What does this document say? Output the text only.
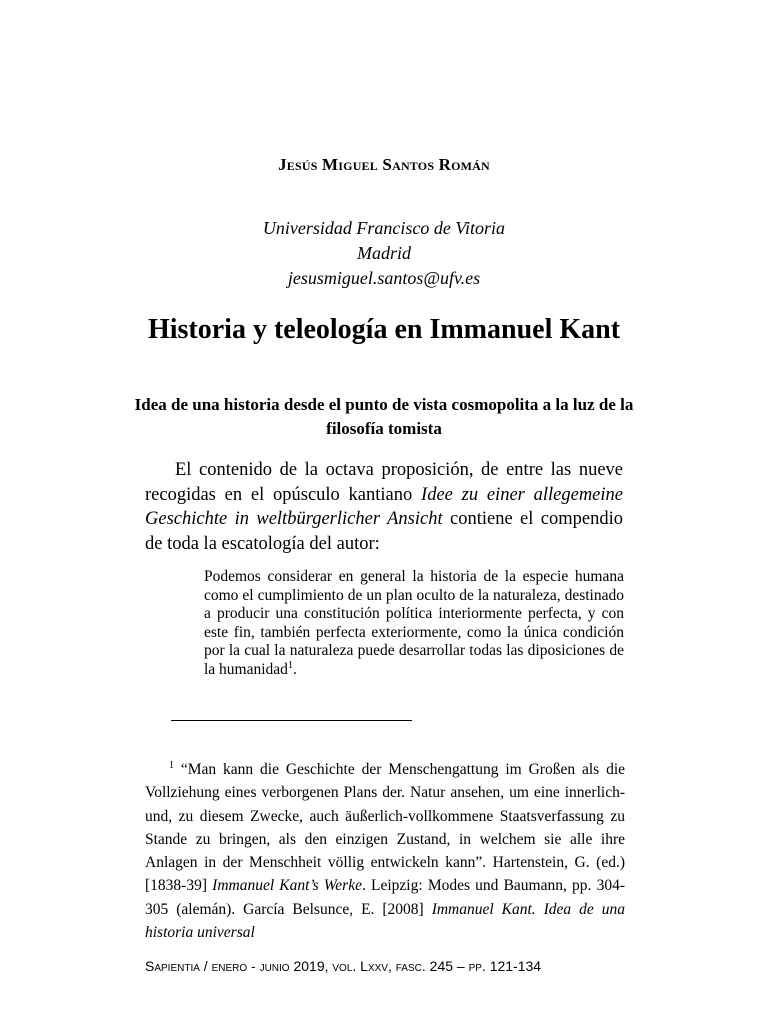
Jesús Miguel Santos Román
Universidad Francisco de Vitoria
Madrid
jesusmiguel.santos@ufv.es
Historia y teleología en Immanuel Kant
Idea de una historia desde el punto de vista cosmopolita a la luz de la filosofía tomista

El contenido de la octava proposición, de entre las nueve recogidas en el opúsculo kantiano Idee zu einer allegemeine Geschichte in weltbürgerlicher Ansicht contiene el compendio de toda la escatología del autor:

Podemos considerar en general la historia de la especie humana como el cumplimiento de un plan oculto de la naturaleza, destinado a producir una constitución política interiormente perfecta, y con este fin, también perfecta exteriormente, como la única condición por la cual la naturaleza puede desarrollar todas las diposiciones de la humanidad$^1$.

$^1$ “Man kann die Geschichte der Menschengattung im Großen als die Vollziehung eines verborgenen Plans der. Natur ansehen, um eine innerlich- und, zu diesem Zwecke, auch äußerlich-vollkommene Staatsverfassung zu Stande zu bringen, als den einzigen Zustand, in welchem sie alle ihre Anlagen in der Menschheit völlig entwickeln kann”. Hartenstein, G. (ed.) [1838-39] Immanuel Kant’s Werke. Leipzig: Modes und Baumann, pp. 304-305 (alemán). García Belsunce, E. [2008] Immanuel Kant. Idea de una historia universal

Sapientia / enero - junio 2019, vol. Lxxv, fasc. 245 – pp. 121-134
